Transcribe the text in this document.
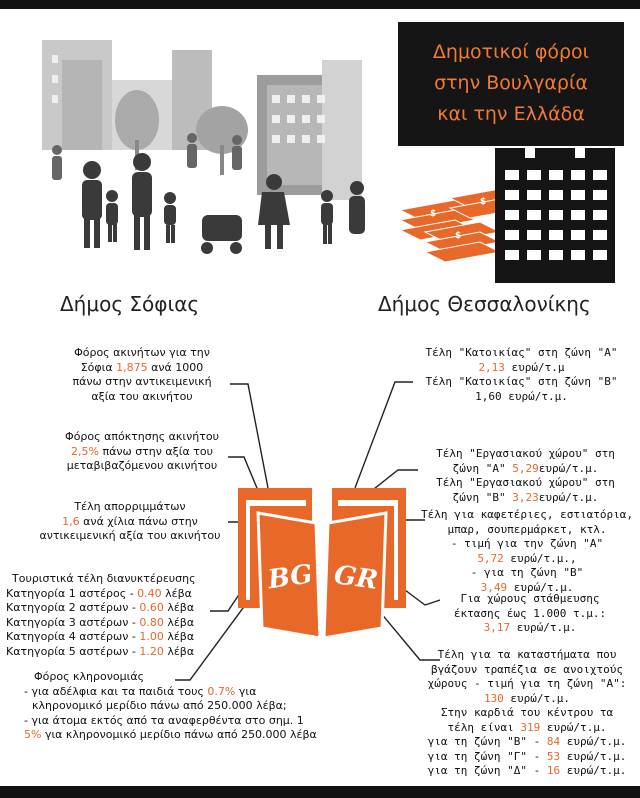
Δημοτικοί φόροι
στην Βουλγαρία
και την Ελλάδα
$
$
$
Δήμος Σόφιας	Δήμος Θεσσαλονίκης
BG GR
Φόρος ακινήτων για την
Σόφια 1,875 ανά 1000
πάνω στην αντικειμενική
αξία του ακινήτου
Φόρος απόκτησης ακινήτου
2,5% πάνω στην αξία του
μεταβιβαζόμενου ακινήτου
Τέλη απορριμμάτων
1,6 ανά χίλια πάνω στην
αντικειμενική αξία του ακινήτου
Τουριστικά τέλη διανυκτέρευσης
Κατηγορία 1 αστέρος - 0.40 λέβα
Κατηγορία 2 αστέρων - 0.60 λέβα
Κατηγορία 3 αστέρων - 0.80 λέβα
Κατηγορία 4 αστέρων - 1.00 λέβα
Κατηγορία 5 αστέρων - 1.20 λέβα
Φόρος κληρονομιάς
- για αδέλφια και τα παιδιά τους 0.7% για
κληρονομικό μερίδιο πάνω από 250.000 λέβα;
- για άτομα εκτός από τα αναφερθέντα στο σημ. 1
5% για κληρονομικό μερίδιο πάνω από 250.000 λέβα
Τέλη "Κατοικίας" στη ζώνη "Α"
2,13 ευρώ/τ.μ
Τέλη "Κατοικίας" στη ζώνη "Β"
1,60 ευρώ/τ.μ.
Τέλη "Εργασιακού χώρου" στη
ζώνη "Α" 5,29ευρώ/τ.μ.
Τέλη "Εργασιακού χώρου" στη
ζώνη "Β" 3,23ευρώ/τ.μ.
Τέλη για καφετέριες, εστιατόρια,
μπαρ, σουπερμάρκετ, κτλ.
- τιμή για την ζώνη "Α"
5,72 ευρώ/τ.μ.,
- για τη ζώνη "Β"
3,49 ευρώ/τ.μ.
Για χώρους στάθμευσης
έκτασης έως 1.000 τ.μ.:
3,17 ευρώ/τ.μ.
Τέλη για τα καταστήματα που
βγάζουν τραπέζια σε ανοιχτούς
χώρους - τιμή για τη ζώνη "Α":
130 ευρώ/τ.μ.
Στην καρδιά του κέντρου τα
τέλη είναι 319 ευρώ/τ.μ.
για τη ζώνη "Β" - 84 ευρώ/τ.μ.
για τη ζώνη "Γ" - 53 ευρώ/τ.μ.
για τη ζώνη "Δ" - 16 ευρώ/τ.μ.
